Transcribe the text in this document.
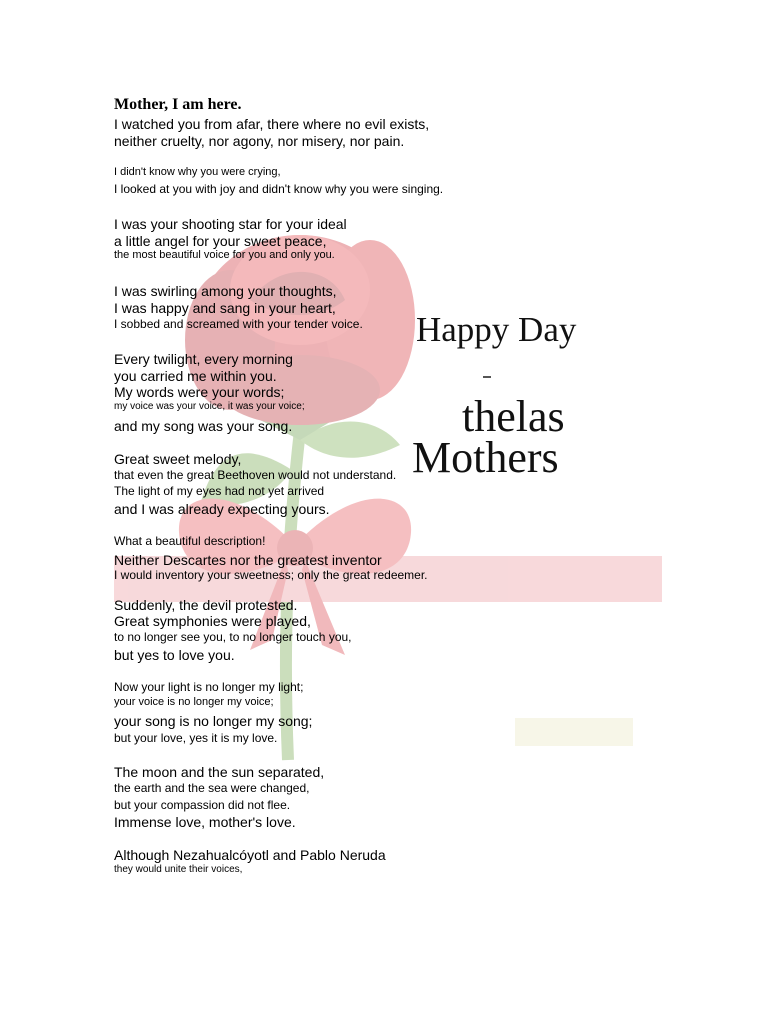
Happy Day
thelas
Mothers
Mother, I am here.
I watched you from afar, there where no evil exists,
neither cruelty, nor agony, nor misery, nor pain.
I didn't know why you were crying,
I looked at you with joy and didn't know why you were singing.
I was your shooting star for your ideal
a little angel for your sweet peace,
the most beautiful voice for you and only you.
I was swirling among your thoughts,
I was happy and sang in your heart,
I sobbed and screamed with your tender voice.
Every twilight, every morning
you carried me within you.
My words were your words;
my voice was your voice, it was your voice;
and my song was your song.
Great sweet melody,
that even the great Beethoven would not understand.
The light of my eyes had not yet arrived
and I was already expecting yours.
What a beautiful description!
Neither Descartes nor the greatest inventor
I would inventory your sweetness; only the great redeemer.
Suddenly, the devil protested.
Great symphonies were played,
to no longer see you, to no longer touch you,
but yes to love you.
Now your light is no longer my light;
your voice is no longer my voice;
your song is no longer my song;
but your love, yes it is my love.
The moon and the sun separated,
the earth and the sea were changed,
but your compassion did not flee.
Immense love, mother's love.
Although Nezahualcóyotl and Pablo Neruda
they would unite their voices,
